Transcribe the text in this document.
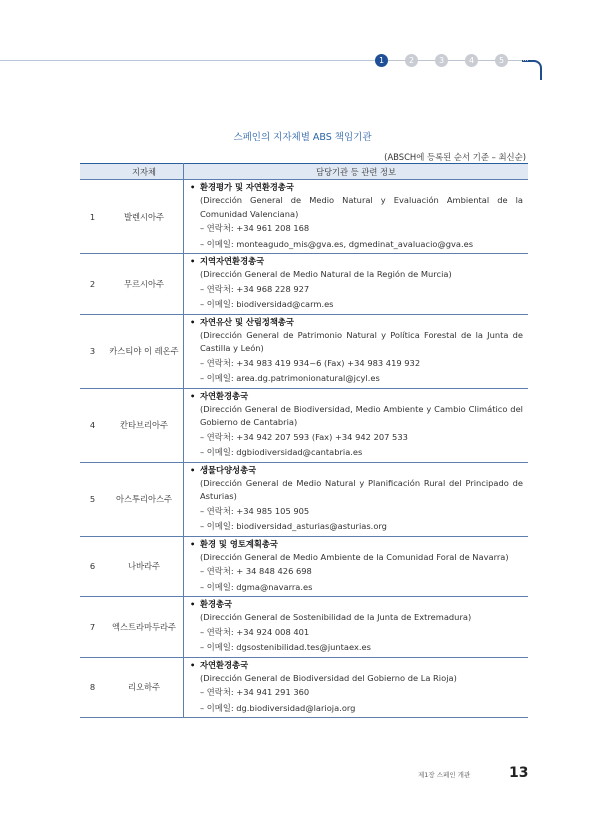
1	2	3	4	5
스페인의 지자체별 ABS 책임기관
(ABSCH에 등록된 순서 기준 – 최신순)
	지자체	담당기관 등 관련 정보
1	발렌시아주	• 환경평가 및 자연환경총국
(Dirección General de Medio Natural y Evaluación Ambiental de la Comunidad Valenciana)
– 연락처: +34 961 208 168
– 이메일: monteagudo_mis@gva.es, dgmedinat_avaluacio@gva.es

2	무르시아주	• 지역자연환경총국
(Dirección General de Medio Natural de la Región de Murcia)
– 연락처: +34 968 228 927
– 이메일: biodiversidad@carm.es

3	카스티야 이 레온주	• 자연유산 및 산림정책총국
(Dirección General de Patrimonio Natural y Política Forestal de la Junta de Castilla y León)
– 연락처: +34 983 419 934~6 (Fax) +34 983 419 932
– 이메일: area.dg.patrimonionatural@jcyl.es

4	칸타브리아주	• 자연환경총국
(Dirección General de Biodiversidad, Medio Ambiente y Cambio Climático del Gobierno de Cantabria)
– 연락처: +34 942 207 593 (Fax) +34 942 207 533
– 이메일: dgbiodiversidad@cantabria.es

5	아스투리아스주	• 생물다양성총국
(Dirección General de Medio Natural y Planificación Rural del Principado de Asturias)
– 연락처: +34 985 105 905
– 이메일: biodiversidad_asturias@asturias.org

6	나바라주	• 환경 및 영토계획총국
(Dirección General de Medio Ambiente de la Comunidad Foral de Navarra)
– 연락처: + 34 848 426 698
– 이메일: dgma@navarra.es

7	엑스트라마두라주	• 환경총국
(Dirección General de Sostenibilidad de la Junta de Extremadura)
– 연락처: +34 924 008 401
– 이메일: dgsostenibilidad.tes@juntaex.es

8	리오하주	• 자연환경총국
(Dirección General de Biodiversidad del Gobierno de La Rioja)
– 연락처: +34 941 291 360
– 이메일: dg.biodiversidad@larioja.org
제1장 스페인 개관	13
